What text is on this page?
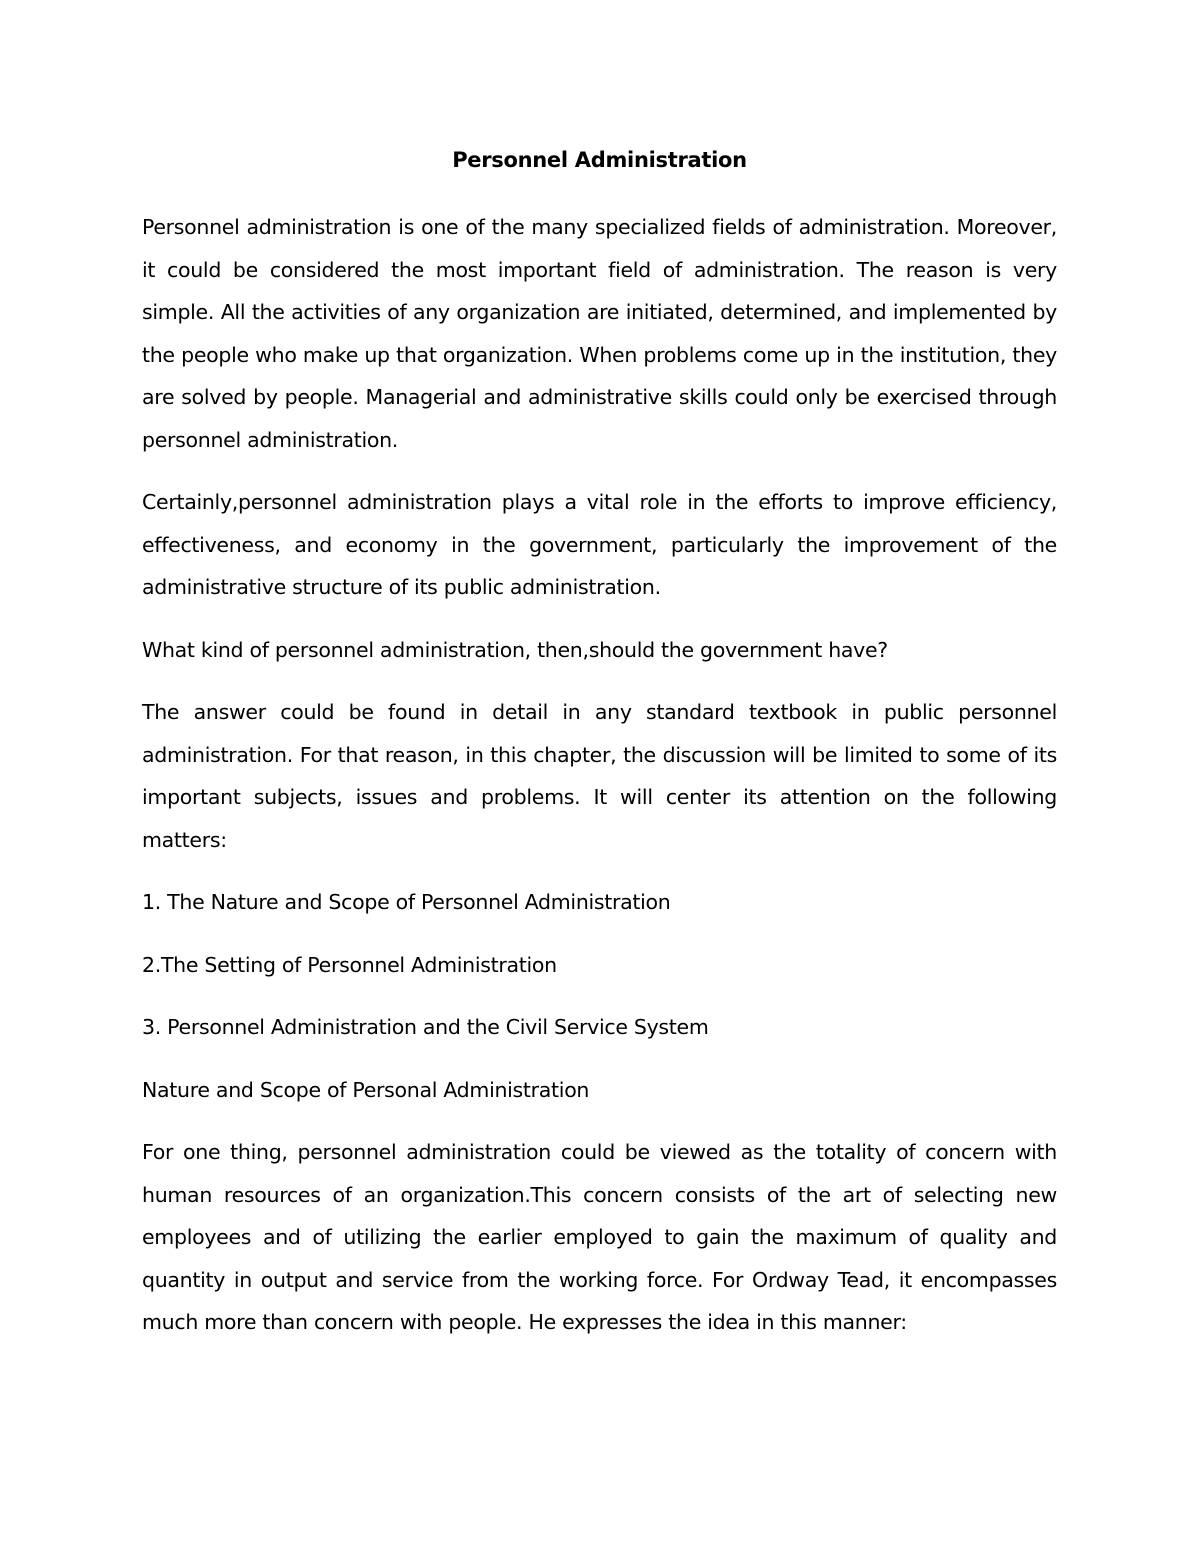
Personnel Administration

Personnel administration is one of the many specialized fields of administration. Moreover, it could be considered the most important field of administration. The reason is very simple. All the activities of any organization are initiated, determined, and implemented by the people who make up that organization. When problems come up in the institution, they are solved by people. Managerial and administrative skills could only be exercised through personnel administration.

Certainly,personnel administration plays a vital role in the efforts to improve efficiency, effectiveness, and economy in the government, particularly the improvement of the administrative structure of its public administration.

What kind of personnel administration, then,should the government have?

The answer could be found in detail in any standard textbook in public personnel administration. For that reason, in this chapter, the discussion will be limited to some of its important subjects, issues and problems. It will center its attention on the following matters:

1. The Nature and Scope of Personnel Administration

2.The Setting of Personnel Administration

3. Personnel Administration and the Civil Service System

Nature and Scope of Personal Administration

For one thing, personnel administration could be viewed as the totality of concern with human resources of an organization.This concern consists of the art of selecting new employees and of utilizing the earlier employed to gain the maximum of quality and quantity in output and service from the working force. For Ordway Tead, it encompasses much more than concern with people. He expresses the idea in this manner:
